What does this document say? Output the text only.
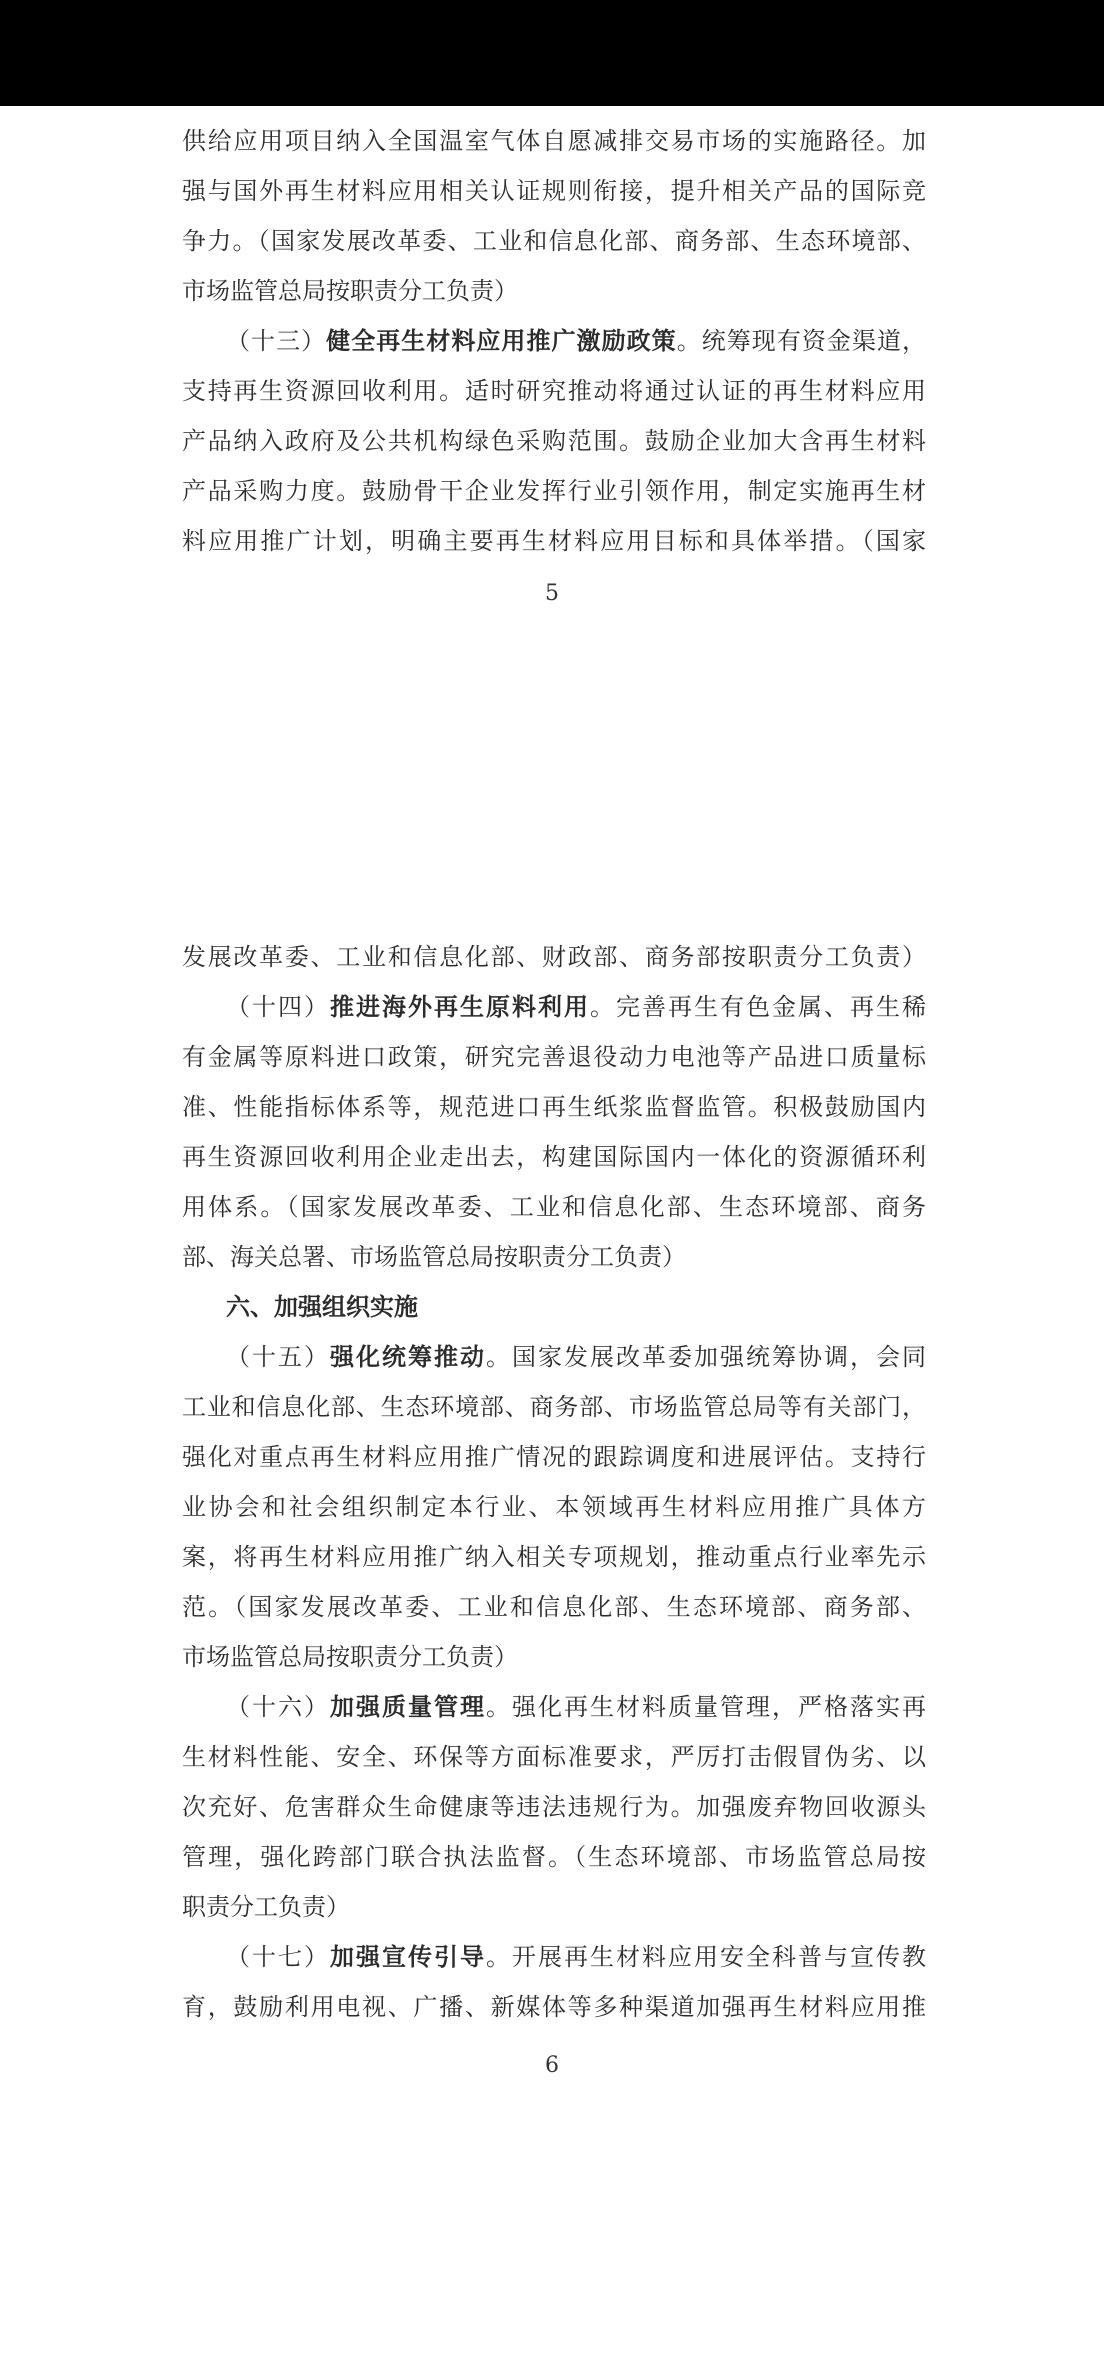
供给应用项目纳入全国温室气体自愿减排交易市场的实施路径。加
强与国外再生材料应用相关认证规则衔接，提升相关产品的国际竞
争力。（国家发展改革委、工业和信息化部、商务部、生态环境部、
市场监管总局按职责分工负责）
（十三）健全再生材料应用推广激励政策。统筹现有资金渠道，
支持再生资源回收利用。适时研究推动将通过认证的再生材料应用
产品纳入政府及公共机构绿色采购范围。鼓励企业加大含再生材料
产品采购力度。鼓励骨干企业发挥行业引领作用，制定实施再生材
料应用推广计划，明确主要再生材料应用目标和具体举措。（国家
5
发展改革委、工业和信息化部、财政部、商务部按职责分工负责）
（十四）推进海外再生原料利用。完善再生有色金属、再生稀
有金属等原料进口政策，研究完善退役动力电池等产品进口质量标
准、性能指标体系等，规范进口再生纸浆监督监管。积极鼓励国内
再生资源回收利用企业走出去，构建国际国内一体化的资源循环利
用体系。（国家发展改革委、工业和信息化部、生态环境部、商务
部、海关总署、市场监管总局按职责分工负责）
六、加强组织实施
（十五）强化统筹推动。国家发展改革委加强统筹协调，会同
工业和信息化部、生态环境部、商务部、市场监管总局等有关部门，
强化对重点再生材料应用推广情况的跟踪调度和进展评估。支持行
业协会和社会组织制定本行业、本领域再生材料应用推广具体方
案，将再生材料应用推广纳入相关专项规划，推动重点行业率先示
范。（国家发展改革委、工业和信息化部、生态环境部、商务部、
市场监管总局按职责分工负责）
（十六）加强质量管理。强化再生材料质量管理，严格落实再
生材料性能、安全、环保等方面标准要求，严厉打击假冒伪劣、以
次充好、危害群众生命健康等违法违规行为。加强废弃物回收源头
管理，强化跨部门联合执法监督。（生态环境部、市场监管总局按
职责分工负责）
（十七）加强宣传引导。开展再生材料应用安全科普与宣传教
育，鼓励利用电视、广播、新媒体等多种渠道加强再生材料应用推
6
